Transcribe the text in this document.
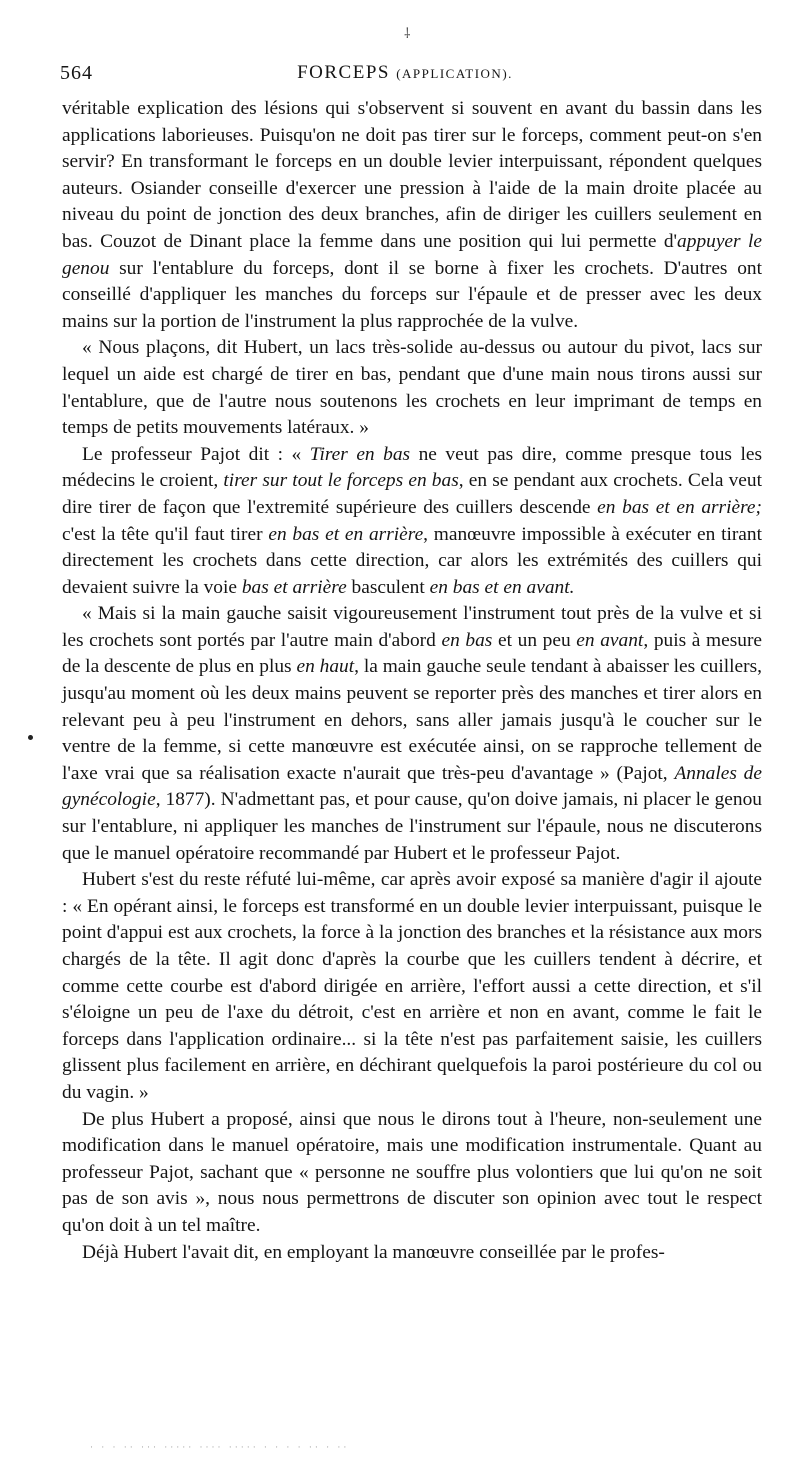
⸸
564	FORCEPS (APPLICATION).

véritable explication des lésions qui s'observent si souvent en avant du bassin dans les applications laborieuses. Puisqu'on ne doit pas tirer sur le forceps, comment peut-on s'en servir? En transformant le forceps en un double levier interpuissant, répondent quelques auteurs. Osiander conseille d'exercer une pression à l'aide de la main droite placée au niveau du point de jonction des deux branches, afin de diriger les cuillers seulement en bas. Couzot de Dinant place la femme dans une position qui lui permette d'appuyer le genou sur l'entablure du forceps, dont il se borne à fixer les crochets. D'autres ont conseillé d'appliquer les manches du forceps sur l'épaule et de presser avec les deux mains sur la portion de l'instrument la plus rapprochée de la vulve.

« Nous plaçons, dit Hubert, un lacs très-solide au-dessus ou autour du pivot, lacs sur lequel un aide est chargé de tirer en bas, pendant que d'une main nous tirons aussi sur l'entablure, que de l'autre nous soutenons les crochets en leur imprimant de temps en temps de petits mouvements latéraux. »

Le professeur Pajot dit : « Tirer en bas ne veut pas dire, comme presque tous les médecins le croient, tirer sur tout le forceps en bas, en se pendant aux crochets. Cela veut dire tirer de façon que l'extremité supérieure des cuillers descende en bas et en arrière; c'est la tête qu'il faut tirer en bas et en arrière, manœuvre impossible à exécuter en tirant directement les crochets dans cette direction, car alors les extrémités des cuillers qui devaient suivre la voie bas et arrière basculent en bas et en avant.

« Mais si la main gauche saisit vigoureusement l'instrument tout près de la vulve et si les crochets sont portés par l'autre main d'abord en bas et un peu en avant, puis à mesure de la descente de plus en plus en haut, la main gauche seule tendant à abaisser les cuillers, jusqu'au moment où les deux mains peuvent se reporter près des manches et tirer alors en relevant peu à peu l'instrument en dehors, sans aller jamais jusqu'à le coucher sur le ventre de la femme, si cette manœuvre est exécutée ainsi, on se rapproche tellement de l'axe vrai que sa réalisation exacte n'aurait que très-peu d'avantage » (Pajot, Annales de gynécologie, 1877). N'admettant pas, et pour cause, qu'on doive jamais, ni placer le genou sur l'entablure, ni appliquer les manches de l'instrument sur l'épaule, nous ne discuterons que le manuel opératoire recommandé par Hubert et le professeur Pajot.

Hubert s'est du reste réfuté lui-même, car après avoir exposé sa manière d'agir il ajoute : « En opérant ainsi, le forceps est transformé en un double levier interpuissant, puisque le point d'appui est aux crochets, la force à la jonction des branches et la résistance aux mors chargés de la tête. Il agit donc d'après la courbe que les cuillers tendent à décrire, et comme cette courbe est d'abord dirigée en arrière, l'effort aussi a cette direction, et s'il s'éloigne un peu de l'axe du détroit, c'est en arrière et non en avant, comme le fait le forceps dans l'application ordinaire... si la tête n'est pas parfaitement saisie, les cuillers glissent plus facilement en arrière, en déchirant quelquefois la paroi postérieure du col ou du vagin. »

De plus Hubert a proposé, ainsi que nous le dirons tout à l'heure, non-seulement une modification dans le manuel opératoire, mais une modification instrumentale. Quant au professeur Pajot, sachant que « personne ne souffre plus volontiers que lui qu'on ne soit pas de son avis », nous nous permettrons de discuter son opinion avec tout le respect qu'on doit à un tel maître.

Déjà Hubert l'avait dit, en employant la manœuvre conseillée par le profes-

· · · ·· ··· ····· ···· ····· · · · · ·· · ··
